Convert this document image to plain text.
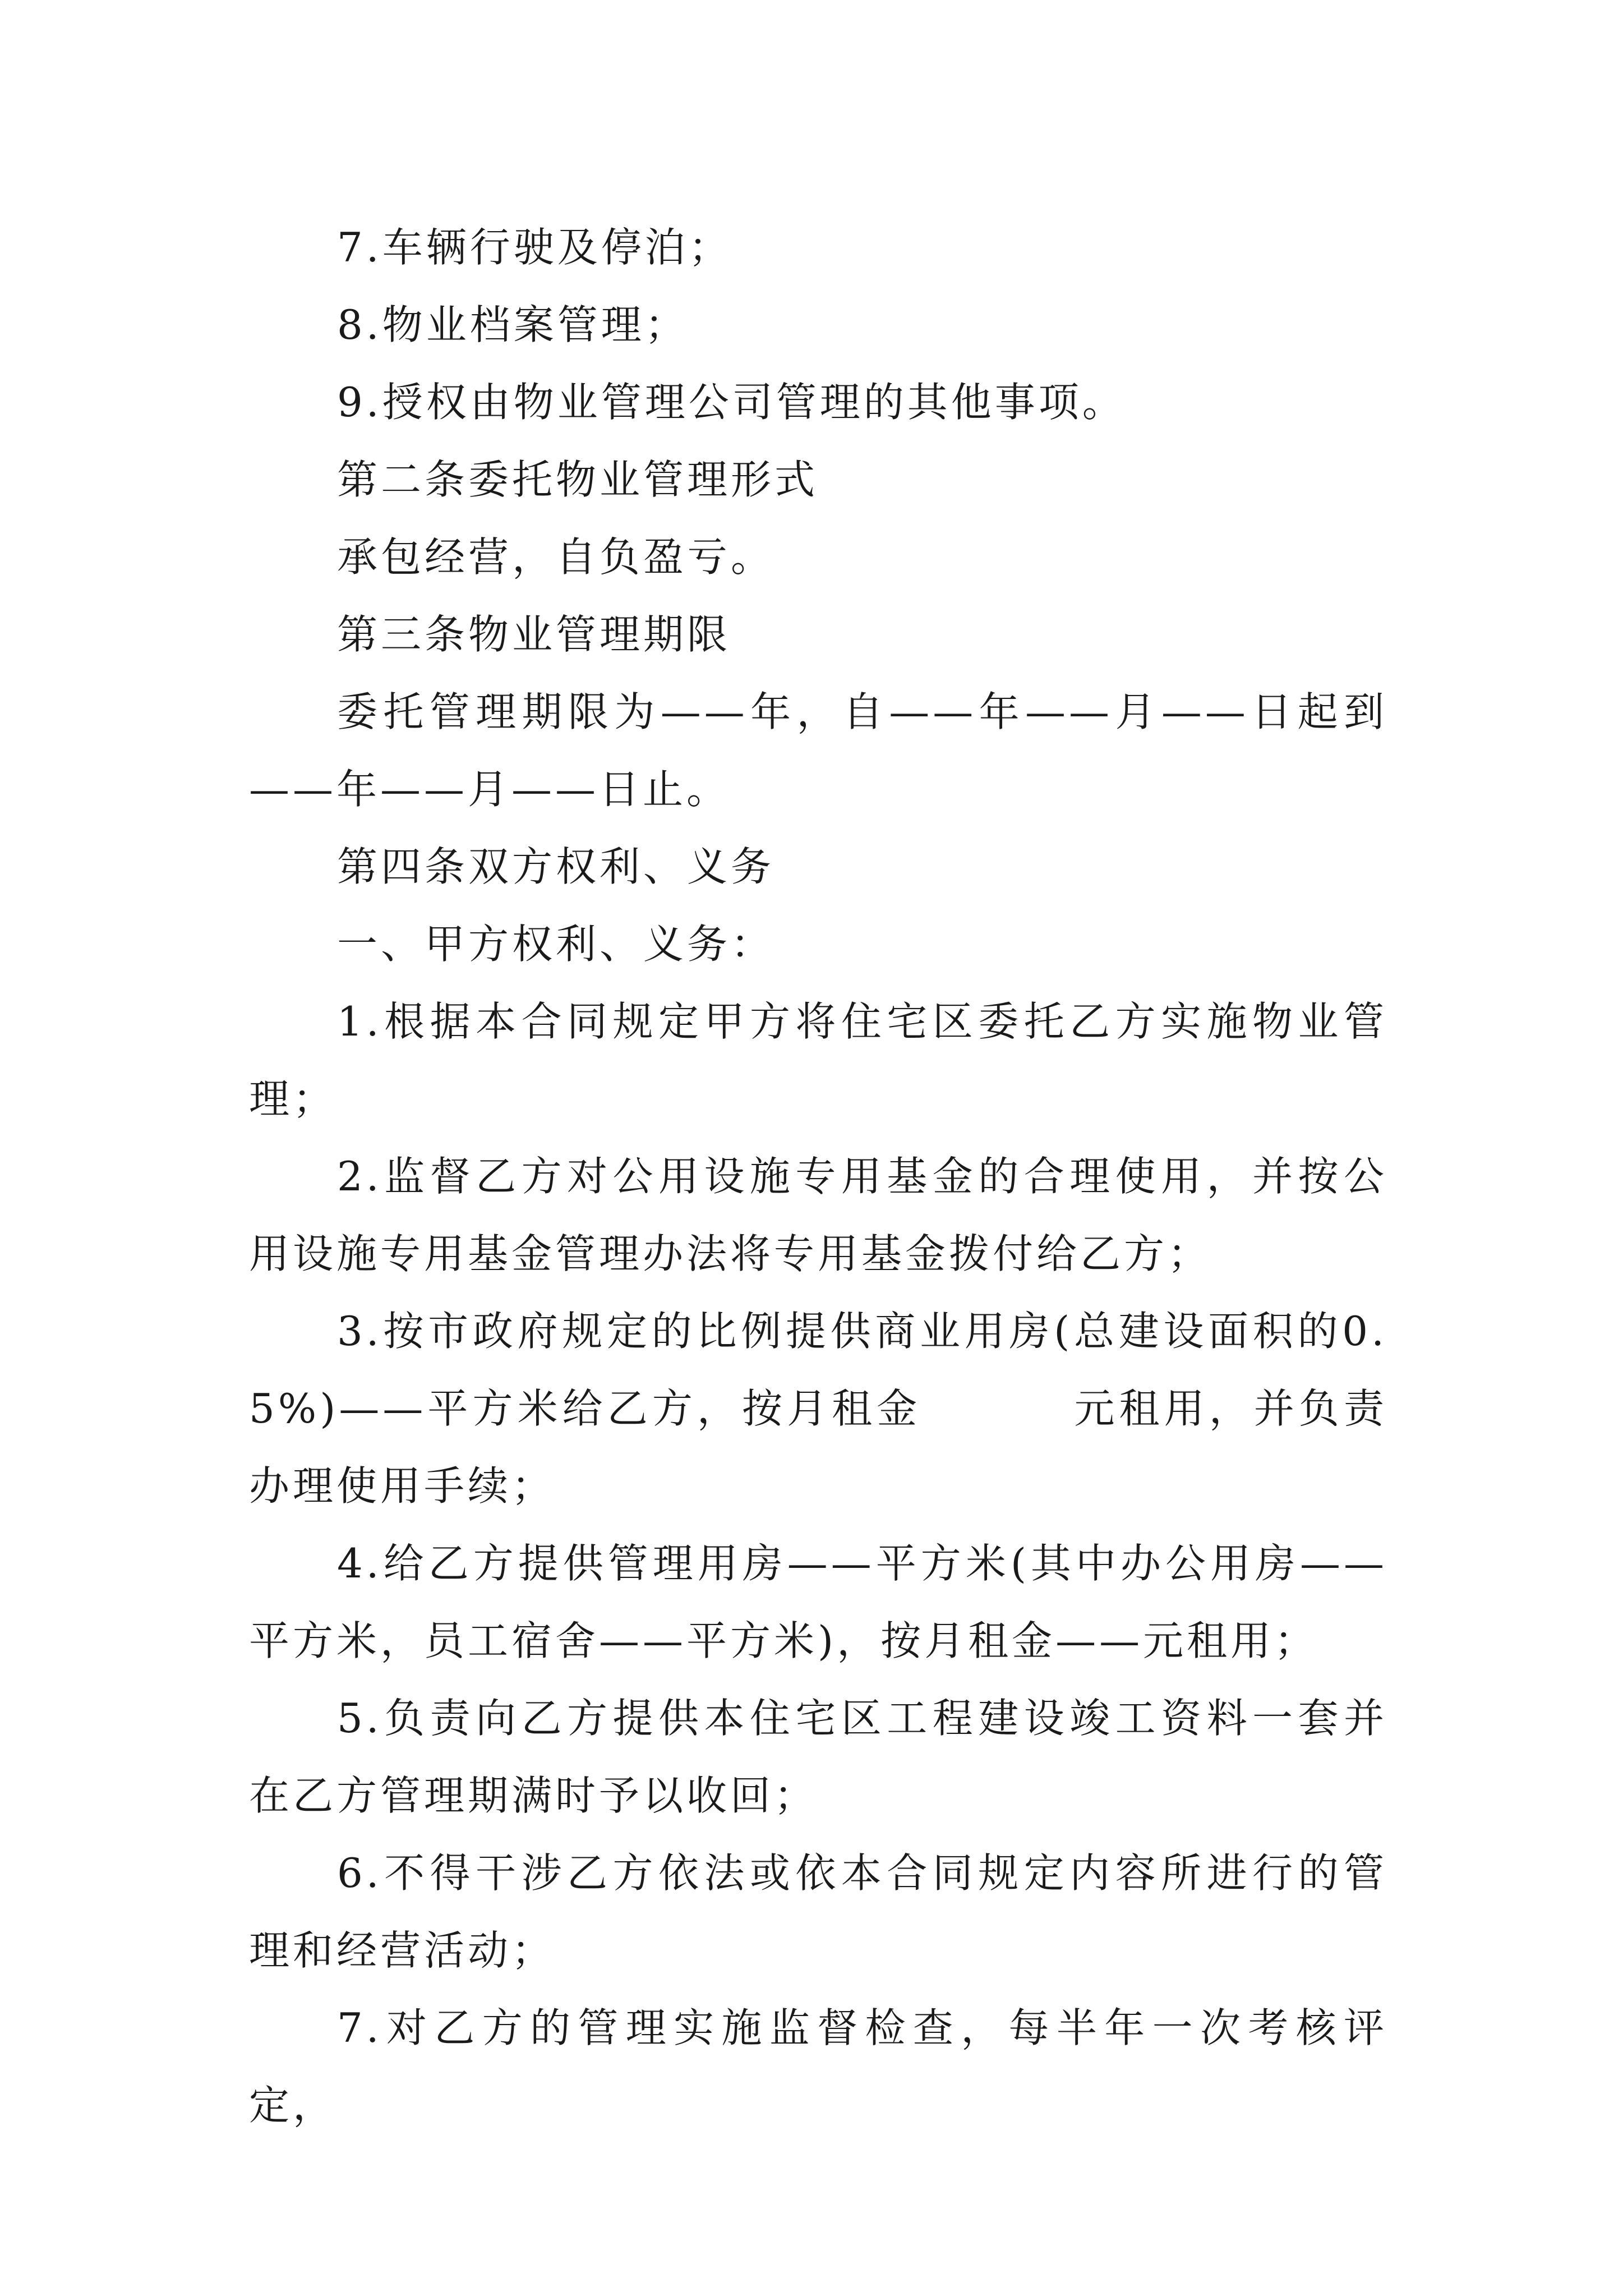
7.车辆行驶及停泊；

8.物业档案管理；

9.授权由物业管理公司管理的其他事项。

第二条委托物业管理形式

承包经营，自负盈亏。

第三条物业管理期限

委托管理期限为——年，自——年——月——日起到——年——月——日止。

第四条双方权利、义务

一、甲方权利、义务：

1.根据本合同规定甲方将住宅区委托乙方实施物业管理；

2.监督乙方对公用设施专用基金的合理使用，并按公用设施专用基金管理办法将专用基金拨付给乙方；

3.按市政府规定的比例提供商业用房(总建设面积的0.5%)——平方米给乙方，按月租金	元租用，并负责办理使用手续；

4.给乙方提供管理用房——平方米(其中办公用房——平方米，员工宿舍——平方米)，按月租金——元租用；

5.负责向乙方提供本住宅区工程建设竣工资料一套并在乙方管理期满时予以收回；

6.不得干涉乙方依法或依本合同规定内容所进行的管理和经营活动；

7.对乙方的管理实施监督检查，每半年一次考核评定，
